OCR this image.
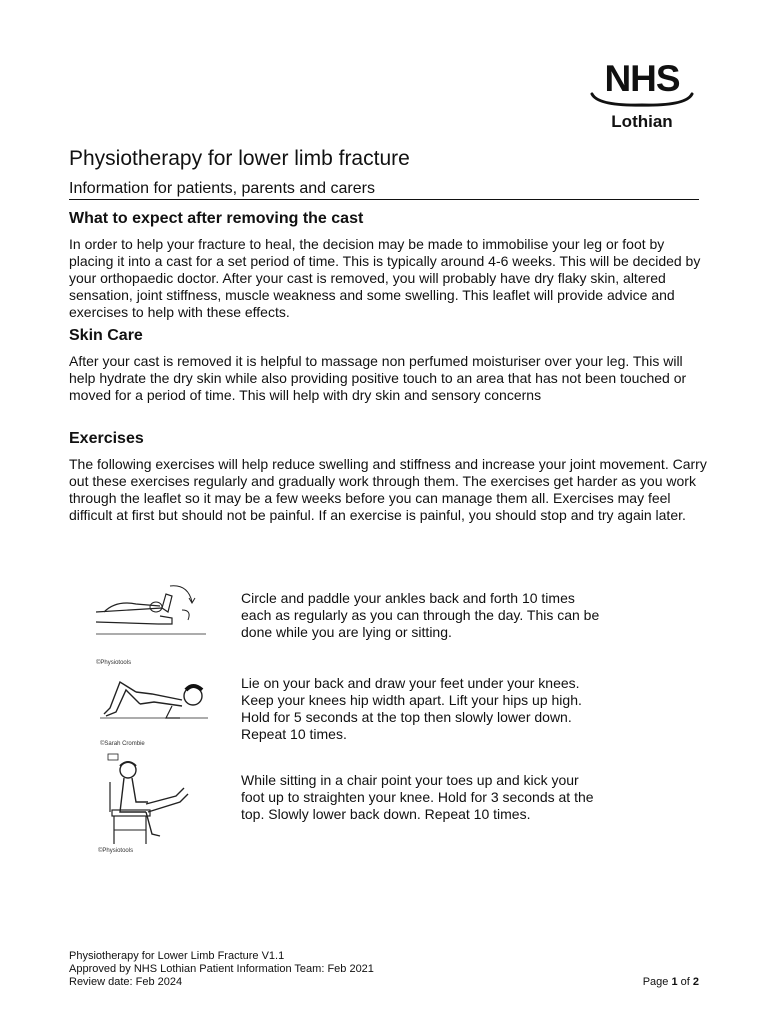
NHS
Lothian
Physiotherapy for lower limb fracture
Information for patients, parents and carers
What to expect after removing the cast
In order to help your fracture to heal, the decision may be made to immobilise your leg or foot by placing it into a cast for a set period of time. This is typically around 4-6 weeks. This will be decided by your orthopaedic doctor. After your cast is removed, you will probably have dry flaky skin, altered sensation, joint stiffness, muscle weakness and some swelling. This leaflet will provide advice and exercises to help with these effects.
Skin Care
After your cast is removed it is helpful to massage non perfumed moisturiser over your leg. This will help hydrate the dry skin while also providing positive touch to an area that has not been touched or moved for a period of time. This will help with dry skin and sensory concerns
Exercises
The following exercises will help reduce swelling and stiffness and increase your joint movement. Carry out these exercises regularly and gradually work through them. The exercises get harder as you work through the leaflet so it may be a few weeks before you can manage them all. Exercises may feel difficult at first but should not be painful. If an exercise is painful, you should stop and try again later.
©Physiotools
Circle and paddle your ankles back and forth 10 times each as regularly as you can through the day. This can be done while you are lying or sitting.
©Sarah Crombie
Lie on your back and draw your feet under your knees. Keep your knees hip width apart. Lift your hips up high. Hold for 5 seconds at the top then slowly lower down. Repeat 10 times.
©Physiotools
While sitting in a chair point your toes up and kick your foot up to straighten your knee. Hold for 3 seconds at the top. Slowly lower back down. Repeat 10 times.
Physiotherapy for Lower Limb Fracture V1.1
Approved by NHS Lothian Patient Information Team: Feb 2021
Review date: Feb 2024	Page 1 of 2
